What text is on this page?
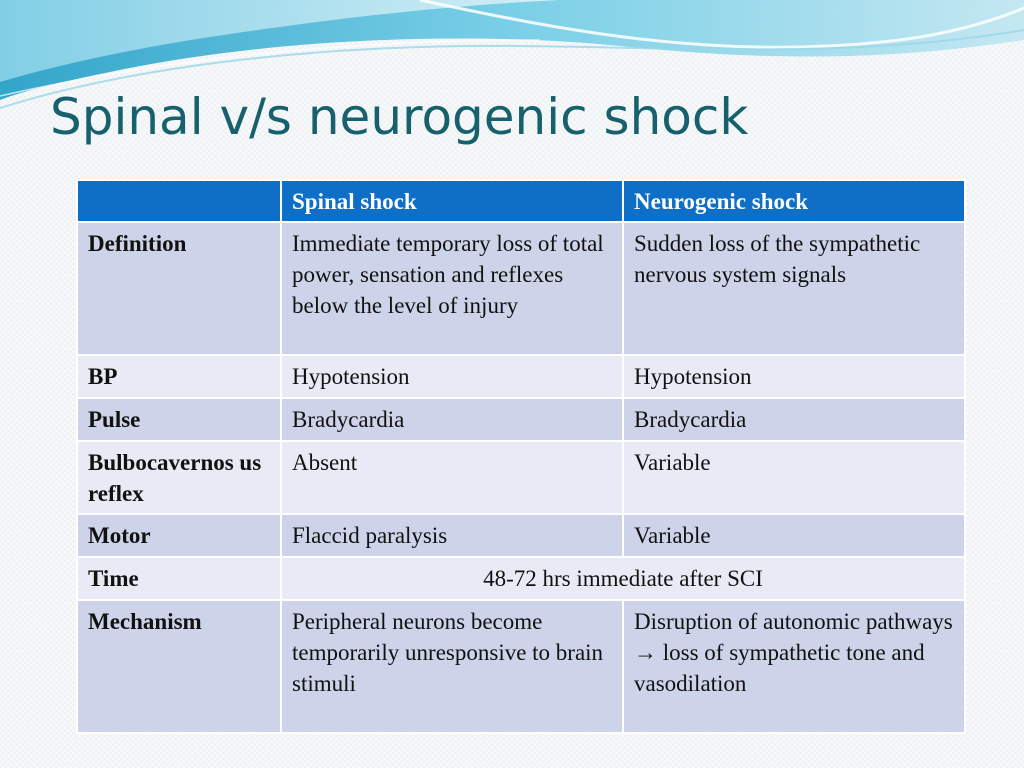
Spinal v/s neurogenic shock
	Spinal shock	Neurogenic shock
Definition	Immediate temporary loss of total power, sensation and reflexes below the level of injury	Sudden loss of the sympathetic nervous system signals
BP	Hypotension	Hypotension
Pulse	Bradycardia	Bradycardia
Bulbocavernos us reflex	Absent	Variable
Motor	Flaccid paralysis	Variable
Time	48-72 hrs immediate after SCI	
Mechanism	Peripheral neurons become temporarily unresponsive to brain stimuli	Disruption of autonomic pathways → loss of sympathetic tone and vasodilation
